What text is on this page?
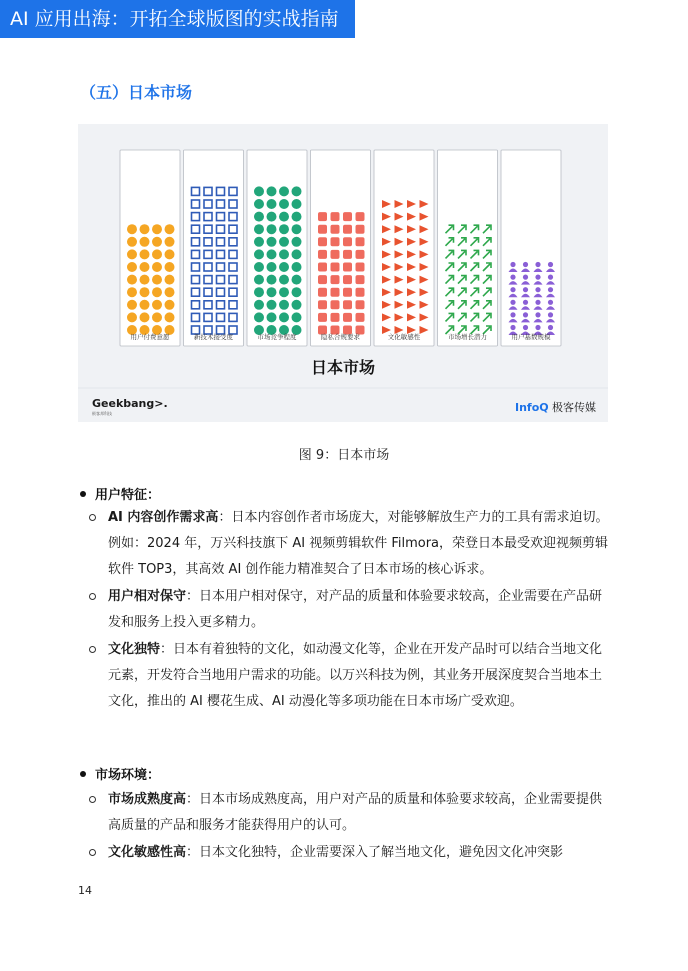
AI 应用出海：开拓全球版图的实战指南
（五）日本市场
用户付费意愿	新技术接受度	市场竞争程度	隐私合规要求	文化敏感性	市场增长潜力	用户基数规模
日本市场
Geekbang>.
极客邦科技	InfoQ 极客传媒
图 9：日本市场
用户特征：
AI 内容创作需求高：日本内容创作者市场庞大，对能够解放生产力的工具有需求迫切。例如：2024 年，万兴科技旗下 AI 视频剪辑软件 Filmora，荣登日本最受欢迎视频剪辑软件 TOP3，其高效 AI 创作能力精准契合了日本市场的核心诉求。
用户相对保守：日本用户相对保守，对产品的质量和体验要求较高，企业需要在产品研发和服务上投入更多精力。
文化独特：日本有着独特的文化，如动漫文化等，企业在开发产品时可以结合当地文化元素，开发符合当地用户需求的功能。以万兴科技为例，其业务开展深度契合当地本土文化，推出的 AI 樱花生成、AI 动漫化等多项功能在日本市场广受欢迎。
市场环境：
市场成熟度高：日本市场成熟度高，用户对产品的质量和体验要求较高，企业需要提供高质量的产品和服务才能获得用户的认可。
文化敏感性高：日本文化独特，企业需要深入了解当地文化，避免因文化冲突影
14
